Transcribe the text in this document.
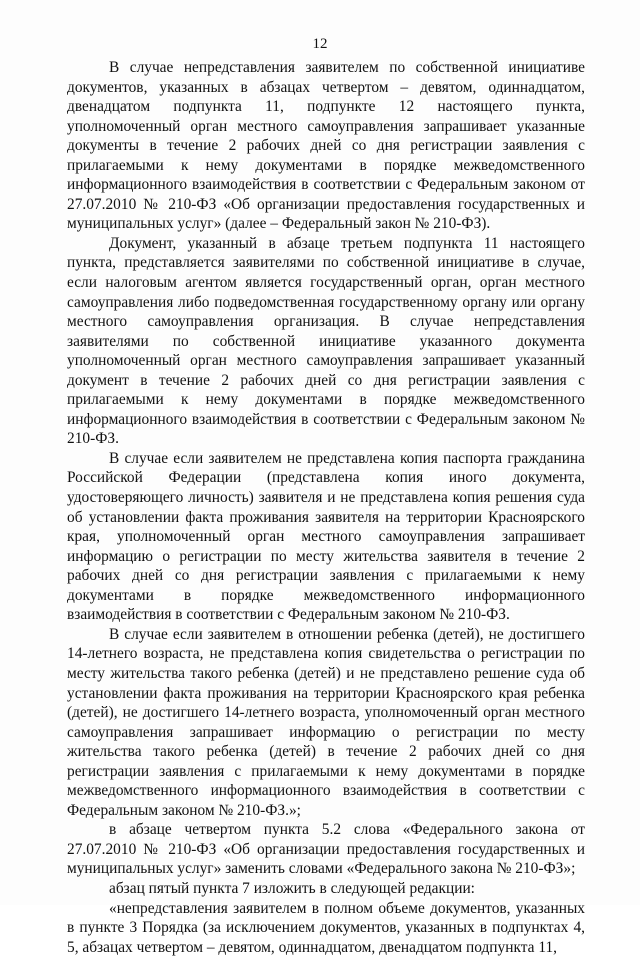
12

В случае непредставления заявителем по собственной инициативе документов, указанных в абзацах четвертом – девятом, одиннадцатом, двенадцатом подпункта 11, подпункте 12 настоящего пункта, уполномоченный орган местного самоуправления запрашивает указанные документы в течение 2 рабочих дней со дня регистрации заявления с прилагаемыми к нему документами в порядке межведомственного информационного взаимодействия в соответствии с Федеральным законом от 27.07.2010 № 210-ФЗ «Об организации предоставления государственных и муниципальных услуг» (далее – Федеральный закон № 210-ФЗ).

Документ, указанный в абзаце третьем подпункта 11 настоящего пункта, представляется заявителями по собственной инициативе в случае, если налоговым агентом является государственный орган, орган местного самоуправления либо подведомственная государственному органу или органу местного самоуправления организация. В случае непредставления заявителями по собственной инициативе указанного документа уполномоченный орган местного самоуправления запрашивает указанный документ в течение 2 рабочих дней со дня регистрации заявления с прилагаемыми к нему документами в порядке межведомственного информационного взаимодействия в соответствии с Федеральным законом № 210-ФЗ.

В случае если заявителем не представлена копия паспорта гражданина Российской Федерации (представлена копия иного документа, удостоверяющего личность) заявителя и не представлена копия решения суда об установлении факта проживания заявителя на территории Красноярского края, уполномоченный орган местного самоуправления запрашивает информацию о регистрации по месту жительства заявителя в течение 2 рабочих дней со дня регистрации заявления с прилагаемыми к нему документами в порядке межведомственного информационного взаимодействия в соответствии с Федеральным законом № 210-ФЗ.

В случае если заявителем в отношении ребенка (детей), не достигшего 14-летнего возраста, не представлена копия свидетельства о регистрации по месту жительства такого ребенка (детей) и не представлено решение суда об установлении факта проживания на территории Красноярского края ребенка (детей), не достигшего 14-летнего возраста, уполномоченный орган местного самоуправления запрашивает информацию о регистрации по месту жительства такого ребенка (детей) в течение 2 рабочих дней со дня регистрации заявления с прилагаемыми к нему документами в порядке межведомственного информационного взаимодействия в соответствии с Федеральным законом № 210-ФЗ.»;

в абзаце четвертом пункта 5.2 слова «Федерального закона от 27.07.2010 № 210-ФЗ «Об организации предоставления государственных и муниципальных услуг» заменить словами «Федерального закона № 210-ФЗ»;

абзац пятый пункта 7 изложить в следующей редакции:

«непредставления заявителем в полном объеме документов, указанных в пункте 3 Порядка (за исключением документов, указанных в подпунктах 4, 5, абзацах четвертом – девятом, одиннадцатом, двенадцатом подпункта 11,
